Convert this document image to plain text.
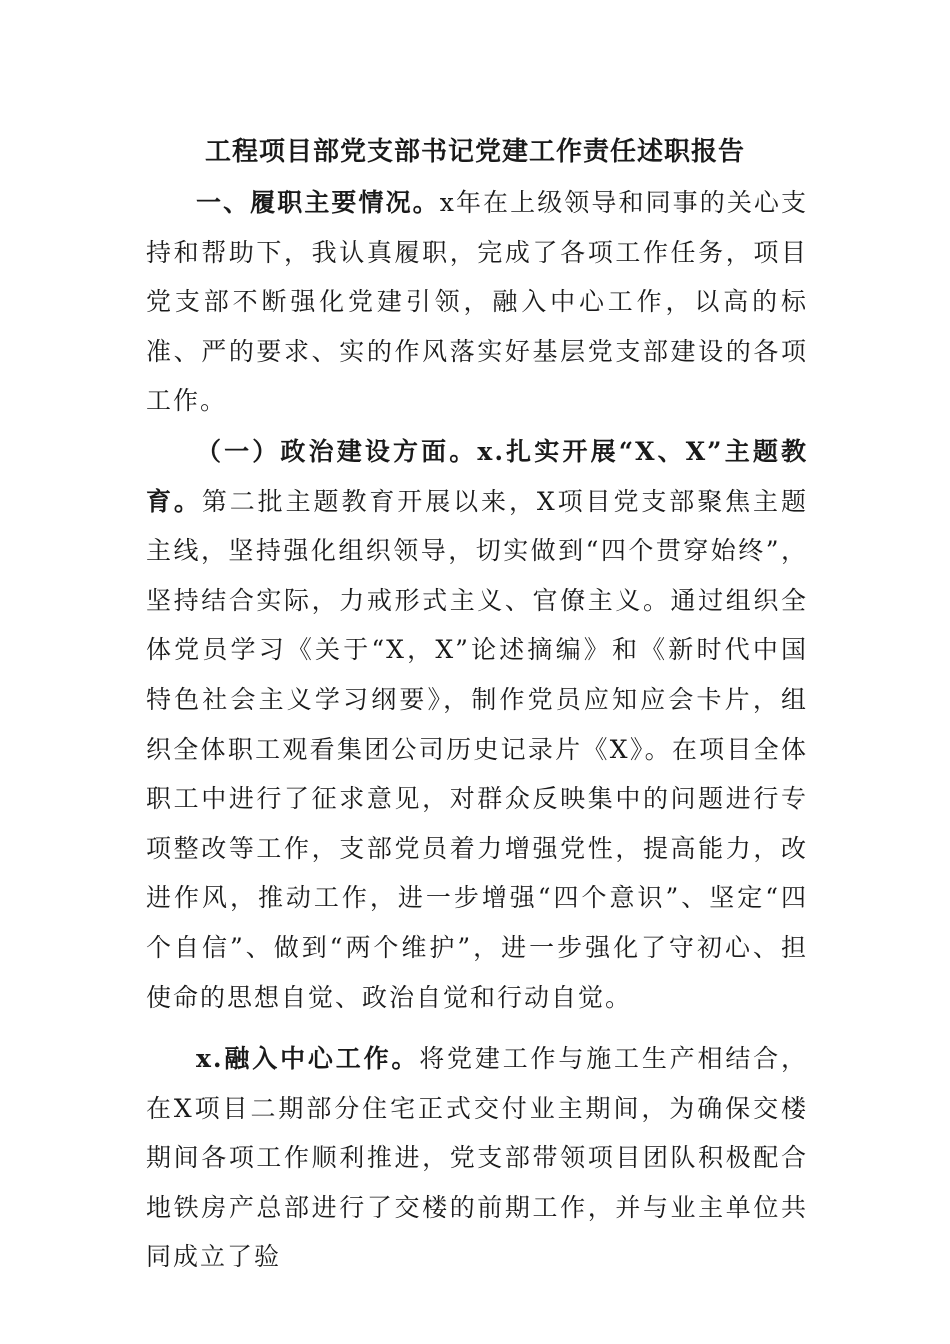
工程项目部党支部书记党建工作责任述职报告

一、履职主要情况。x年在上级领导和同事的关心支持和帮助下，我认真履职，完成了各项工作任务，项目党支部不断强化党建引领，融入中心工作，以高的标准、严的要求、实的作风落实好基层党支部建设的各项工作。

（一）政治建设方面。x.扎实开展“X、X”主题教育。第二批主题教育开展以来，X项目党支部聚焦主题主线，坚持强化组织领导，切实做到“四个贯穿始终”，坚持结合实际，力戒形式主义、官僚主义。通过组织全体党员学习《关于“X，X”论述摘编》和《新时代中国特色社会主义学习纲要》，制作党员应知应会卡片，组织全体职工观看集团公司历史记录片《X》。在项目全体职工中进行了征求意见，对群众反映集中的问题进行专项整改等工作，支部党员着力增强党性，提高能力，改进作风，推动工作，进一步增强“四个意识”、坚定“四个自信”、做到“两个维护”，进一步强化了守初心、担使命的思想自觉、政治自觉和行动自觉。

x.融入中心工作。将党建工作与施工生产相结合，在X项目二期部分住宅正式交付业主期间，为确保交楼期间各项工作顺利推进，党支部带领项目团队积极配合地铁房产总部进行了交楼的前期工作，并与业主单位共同成立了验
